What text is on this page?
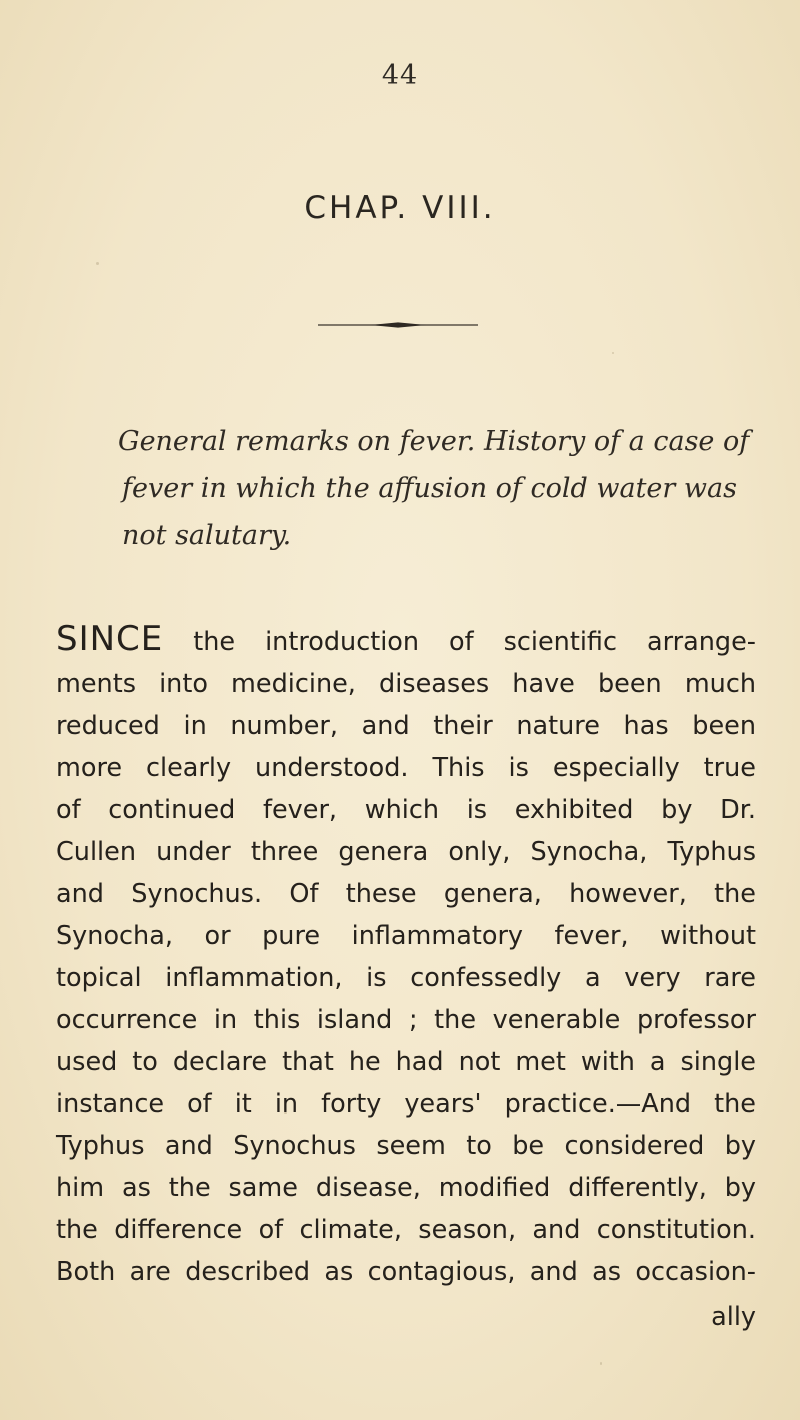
44
CHAP. VIII.
General remarks on fever. History of a case of
fever in which the affusion of cold water was
not salutary.
SINCE the introduction of scientific arrange-
ments into medicine, diseases have been much
reduced in number, and their nature has been
more clearly understood. This is especially true
of continued fever, which is exhibited by Dr.
Cullen under three genera only, Synocha, Typhus
and Synochus. Of these genera, however, the
Synocha, or pure inflammatory fever, without
topical inflammation, is confessedly a very rare
occurrence in this island ; the venerable professor
used to declare that he had not met with a single
instance of it in forty years' practice.—And the
Typhus and Synochus seem to be considered by
him as the same disease, modified differently, by
the difference of climate, season, and constitution.
Both are described as contagious, and as occasion-
ally
